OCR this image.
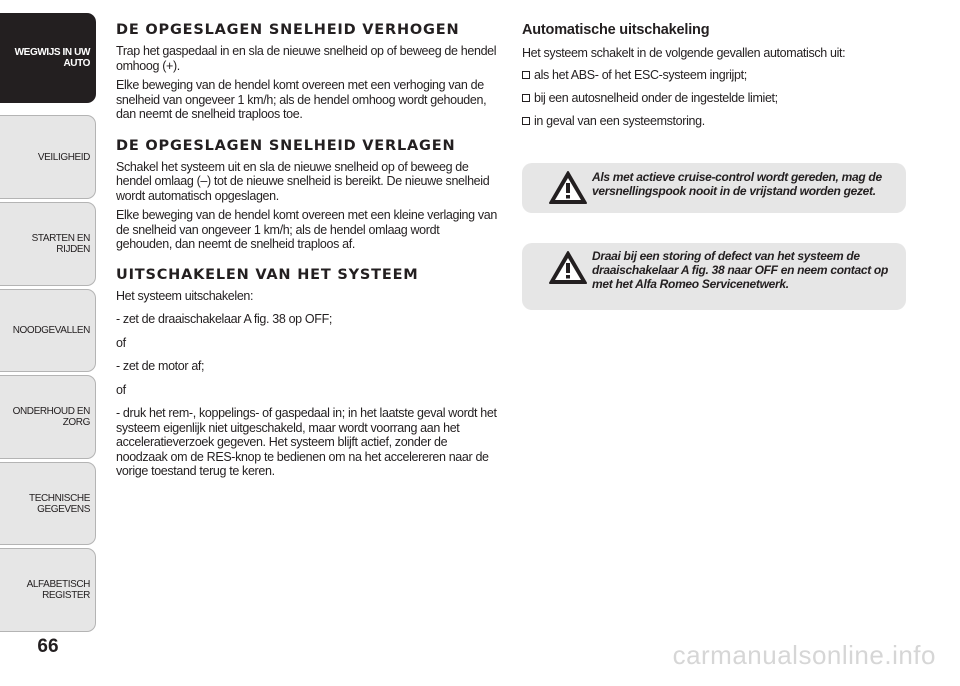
WEGWIJS IN UW AUTO
VEILIGHEID
STARTEN EN RIJDEN
NOODGEVALLEN
ONDERHOUD EN ZORG
TECHNISCHE GEGEVENS
ALFABETISCH REGISTER
66
DE OPGESLAGEN SNELHEID VERHOGEN

Trap het gaspedaal in en sla de nieuwe snelheid op of beweeg de hendel omhoog (+).

Elke beweging van de hendel komt overeen met een verhoging van de snelheid van ongeveer 1 km/h; als de hendel omhoog wordt gehouden, dan neemt de snelheid traploos toe.

DE OPGESLAGEN SNELHEID VERLAGEN

Schakel het systeem uit en sla de nieuwe snelheid op of beweeg de hendel omlaag (–) tot de nieuwe snelheid is bereikt. De nieuwe snelheid wordt automatisch opgeslagen.

Elke beweging van de hendel komt overeen met een kleine verlaging van de snelheid van ongeveer 1 km/h; als de hendel omlaag wordt gehouden, dan neemt de snelheid traploos af.

UITSCHAKELEN VAN HET SYSTEEM

Het systeem uitschakelen:

- zet de draaischakelaar A fig. 38 op OFF;

of

- zet de motor af;

of

- druk het rem-, koppelings- of gaspedaal in; in het laatste geval wordt het systeem eigenlijk niet uitgeschakeld, maar wordt voorrang aan het acceleratieverzoek gegeven. Het systeem blijft actief, zonder de noodzaak om de RES-knop te bedienen om na het accelereren naar de vorige toestand terug te keren.

Automatische uitschakeling

Het systeem schakelt in de volgende gevallen automatisch uit:

als het ABS- of het ESC-systeem ingrijpt;
bij een autosnelheid onder de ingestelde limiet;
in geval van een systeemstoring.
Als met actieve cruise-control wordt gereden, mag de versnellingspook nooit in de vrijstand worden gezet.
Draai bij een storing of defect van het systeem de draaischakelaar A fig. 38 naar OFF en neem contact op met het Alfa Romeo Servicenetwerk.
carmanualsonline.info
